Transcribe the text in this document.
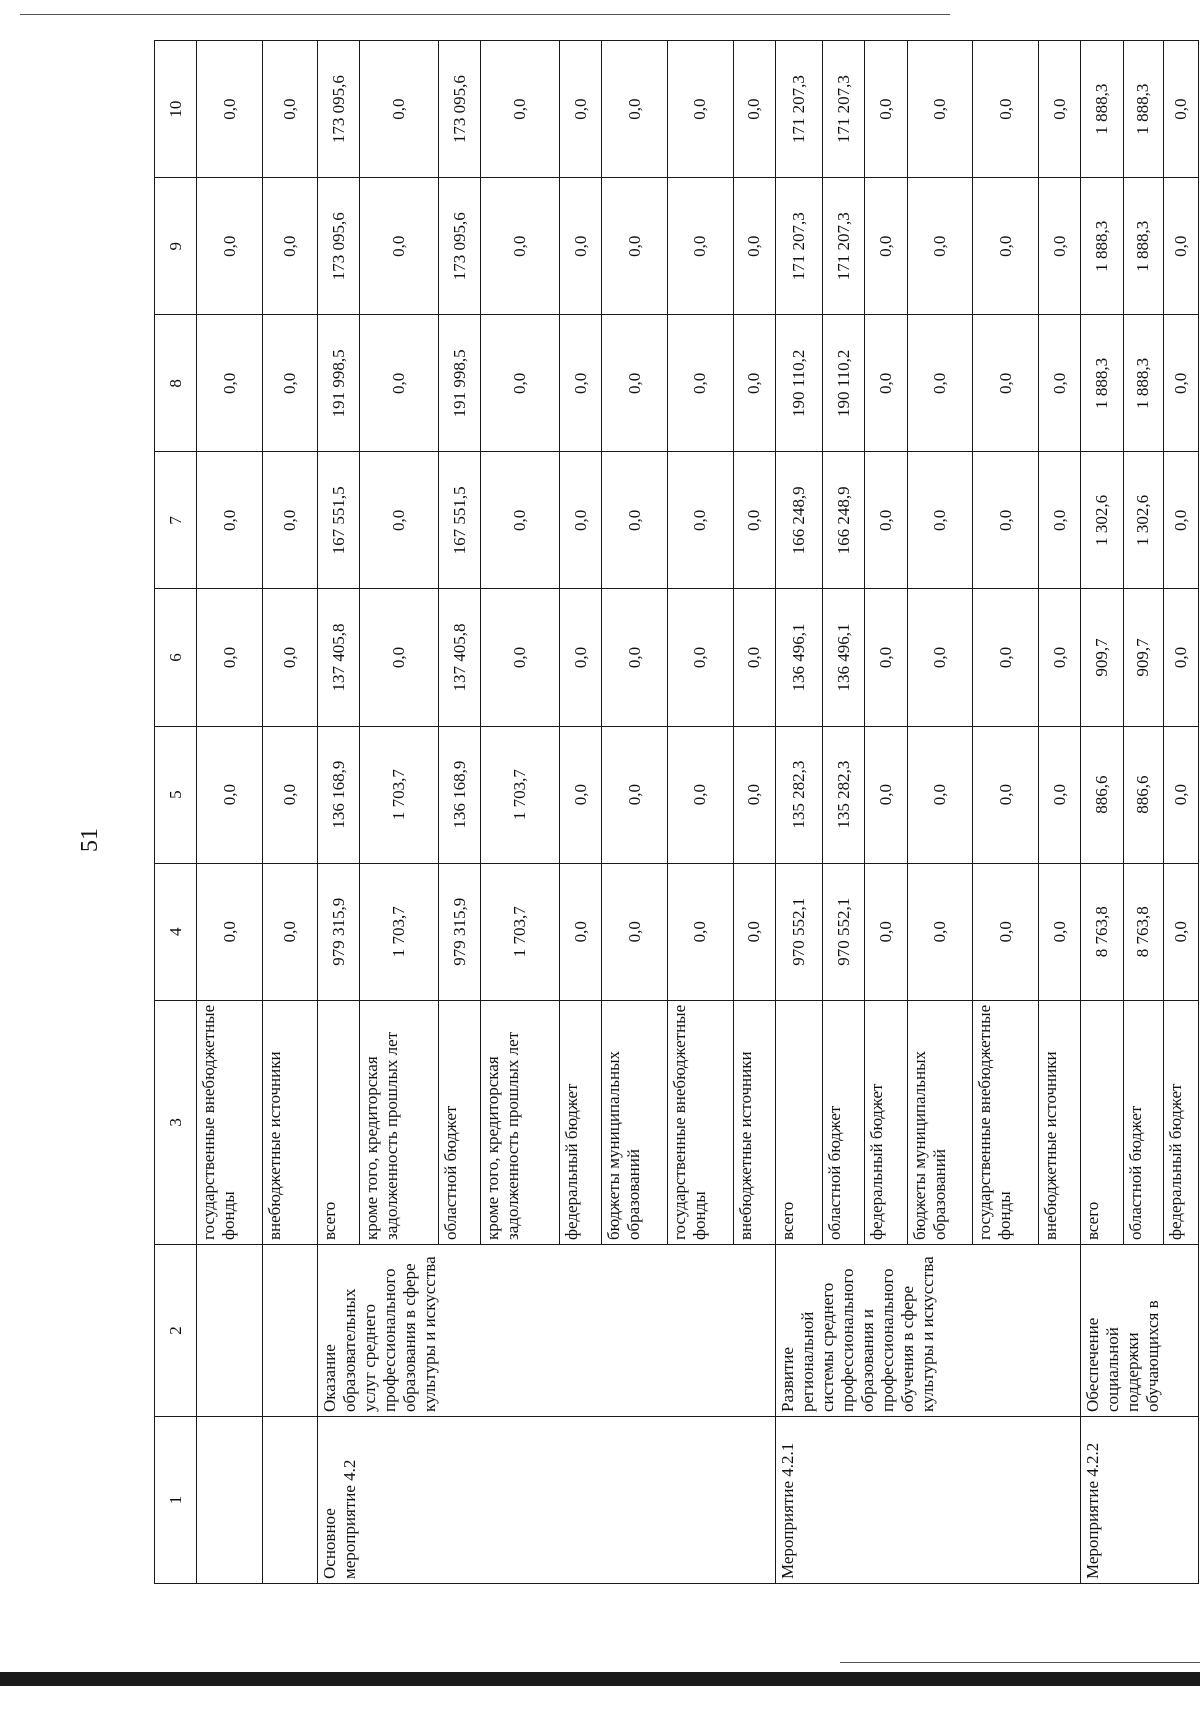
51
1	2	3	4	5	6	7	8	9	10
		государственные внебюджетные фонды	0,0	0,0	0,0	0,0	0,0	0,0	0,0
		внебюджетные источники	0,0	0,0	0,0	0,0	0,0	0,0	0,0
Основное мероприятие 4.2	Оказание образовательных услуг среднего профессионального образования в сфере культуры и искусства	всего	979 315,9	136 168,9	137 405,8	167 551,5	191 998,5	173 095,6	173 095,6
		кроме того, кредиторская задолженность прошлых лет	1 703,7	1 703,7	0,0	0,0	0,0	0,0	0,0
		областной бюджет	979 315,9	136 168,9	137 405,8	167 551,5	191 998,5	173 095,6	173 095,6
		кроме того, кредиторская задолженность прошлых лет	1 703,7	1 703,7	0,0	0,0	0,0	0,0	0,0
		федеральный бюджет	0,0	0,0	0,0	0,0	0,0	0,0	0,0
		бюджеты муниципальных образований	0,0	0,0	0,0	0,0	0,0	0,0	0,0
		государственные внебюджетные фонды	0,0	0,0	0,0	0,0	0,0	0,0	0,0
		внебюджетные источники	0,0	0,0	0,0	0,0	0,0	0,0	0,0
Мероприятие 4.2.1	Развитие региональной системы среднего профессионального образования и профессионального обучения в сфере культуры и искусства	всего	970 552,1	135 282,3	136 496,1	166 248,9	190 110,2	171 207,3	171 207,3
		областной бюджет	970 552,1	135 282,3	136 496,1	166 248,9	190 110,2	171 207,3	171 207,3
		федеральный бюджет	0,0	0,0	0,0	0,0	0,0	0,0	0,0
		бюджеты муниципальных образований	0,0	0,0	0,0	0,0	0,0	0,0	0,0
		государственные внебюджетные фонды	0,0	0,0	0,0	0,0	0,0	0,0	0,0
		внебюджетные источники	0,0	0,0	0,0	0,0	0,0	0,0	0,0
Мероприятие 4.2.2	Обеспечение социальной поддержки обучающихся в	всего	8 763,8	886,6	909,7	1 302,6	1 888,3	1 888,3	1 888,3
		областной бюджет	8 763,8	886,6	909,7	1 302,6	1 888,3	1 888,3	1 888,3
		федеральный бюджет	0,0	0,0	0,0	0,0	0,0	0,0	0,0
